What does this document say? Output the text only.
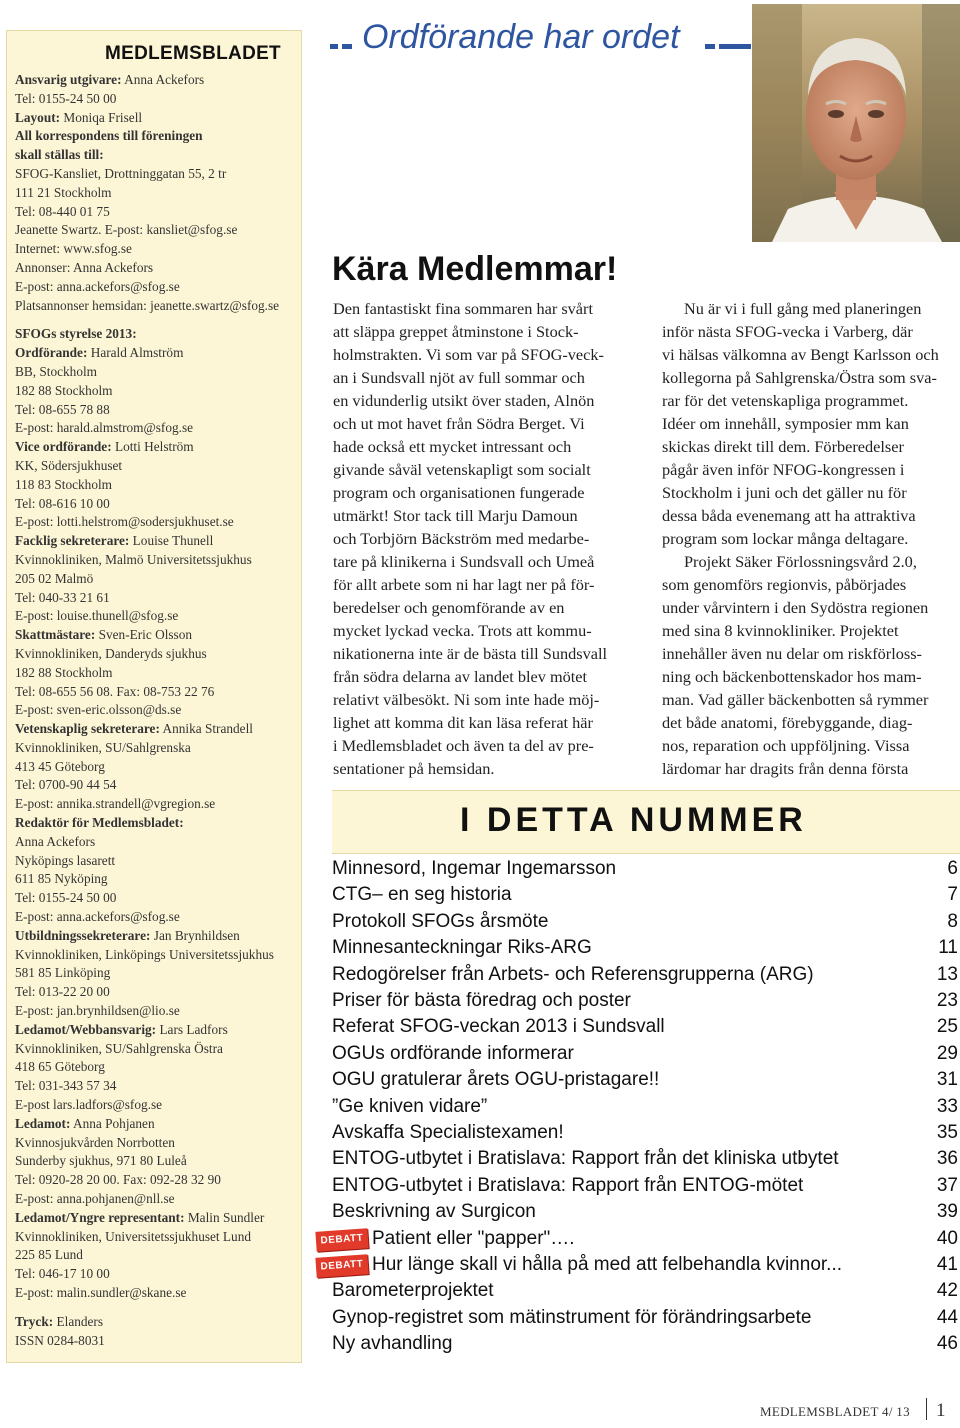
MEDLEMSBLADET
Ansvarig utgivare: Anna Ackefors
Tel: 0155-24 50 00
Layout: Moniqa Frisell
All korrespondens till föreningen
skall ställas till:
SFOG-Kansliet, Drottninggatan 55, 2 tr
111 21 Stockholm
Tel: 08-440 01 75
Jeanette Swartz. E-post: kansliet@sfog.se
Internet: www.sfog.se
Annonser: Anna Ackefors
E-post: anna.ackefors@sfog.se
Platsannonser hemsidan: jeanette.swartz@sfog.se
SFOGs styrelse 2013:
Ordförande: Harald Almström
BB, Stockholm
182 88 Stockholm
Tel: 08-655 78 88
E-post: harald.almstrom@sfog.se
Vice ordförande: Lotti Helström
KK, Södersjukhuset
118 83 Stockholm
Tel: 08-616 10 00
E-post: lotti.helstrom@sodersjukhuset.se
Facklig sekreterare: Louise Thunell
Kvinnokliniken, Malmö Universitetssjukhus
205 02 Malmö
Tel: 040-33 21 61
E-post: louise.thunell@sfog.se
Skattmästare: Sven-Eric Olsson
Kvinnokliniken, Danderyds sjukhus
182 88 Stockholm
Tel: 08-655 56 08. Fax: 08-753 22 76
E-post: sven-eric.olsson@ds.se
Vetenskaplig sekreterare: Annika Strandell
Kvinnokliniken, SU/Sahlgrenska
413 45 Göteborg
Tel: 0700-90 44 54
E-post: annika.strandell@vgregion.se
Redaktör för Medlemsbladet:
Anna Ackefors
Nyköpings lasarett
611 85 Nyköping
Tel: 0155-24 50 00
E-post: anna.ackefors@sfog.se
Utbildningssekreterare: Jan Brynhildsen
Kvinnokliniken, Linköpings Universitetssjukhus
581 85 Linköping
Tel: 013-22 20 00
E-post: jan.brynhildsen@lio.se
Ledamot/Webbansvarig: Lars Ladfors
Kvinnokliniken, SU/Sahlgrenska Östra
418 65 Göteborg
Tel: 031-343 57 34
E-post lars.ladfors@sfog.se
Ledamot: Anna Pohjanen
Kvinnosjukvården Norrbotten
Sunderby sjukhus, 971 80 Luleå
Tel: 0920-28 20 00. Fax: 092-28 32 90
E-post: anna.pohjanen@nll.se
Ledamot/Yngre representant: Malin Sundler
Kvinnokliniken, Universitetssjukhuset Lund
225 85 Lund
Tel: 046-17 10 00
E-post: malin.sundler@skane.se
Tryck: Elanders
ISSN 0284-8031
Ordförande har ordet
Kära Medlemmar!

Den fantastiskt fina sommaren har svårt

att släppa greppet åtminstone i Stock-

holmstrakten. Vi som var på SFOG-veck-

an i Sundsvall njöt av full sommar och

en vidunderlig utsikt över staden, Alnön

och ut mot havet från Södra Berget. Vi

hade också ett mycket intressant och

givande såväl vetenskapligt som socialt

program och organisationen fungerade

utmärkt! Stor tack till Marju Damoun

och Torbjörn Bäckström med medarbe-

tare på klinikerna i Sundsvall och Umeå

för allt arbete som ni har lagt ner på för-

beredelser och genomförande av en

mycket lyckad vecka. Trots att kommu-

nikationerna inte är de bästa till Sundsvall

från södra delarna av landet blev mötet

relativt välbesökt. Ni som inte hade möj-

lighet att komma dit kan läsa referat här

i Medlemsbladet och även ta del av pre-

sentationer på hemsidan.

Nu är vi i full gång med planeringen

inför nästa SFOG-vecka i Varberg, där

vi hälsas välkomna av Bengt Karlsson och

kollegorna på Sahlgrenska/Östra som sva-

rar för det vetenskapliga programmet.

Idéer om innehåll, symposier mm kan

skickas direkt till dem. Förberedelser

pågår även inför NFOG-kongressen i

Stockholm i juni och det gäller nu för

dessa båda evenemang att ha attraktiva

program som lockar många deltagare.

Projekt Säker Förlossningsvård 2.0,

som genomförs regionvis, påbörjades

under vårvintern i den Sydöstra regionen

med sina 8 kvinnokliniker. Projektet

innehåller även nu delar om riskförloss-

ning och bäckenbottenskador hos mam-

man. Vad gäller bäckenbotten så rymmer

det både anatomi, förebyggande, diag-

nos, reparation och uppföljning. Vissa

lärdomar har dragits från denna första

I DETTA NUMMER
Minnesord, Ingemar Ingemarsson	6
CTG– en seg historia	7
Protokoll SFOGs årsmöte	8
Minnesanteckningar Riks-ARG	11
Redogörelser från Arbets- och Referensgrupperna (ARG)	13
Priser för bästa föredrag och poster	23
Referat SFOG-veckan 2013 i Sundsvall	25
OGUs ordförande informerar	29
OGU gratulerar årets OGU-pristagare!!	31
”Ge kniven vidare”	33
Avskaffa Specialistexamen!	35
ENTOG-utbytet i Bratislava: Rapport från det kliniska utbytet	36
ENTOG-utbytet i Bratislava: Rapport från ENTOG-mötet	37
Beskrivning av Surgicon	39
DEBATT Patient eller "papper"….	40
DEBATT Hur länge skall vi hålla på med att felbehandla kvinnor...	41
Barometerprojektet	42
Gynop-registret som mätinstrument för förändringsarbete	44
Ny avhandling	46
MEDLEMSBLADET 4/ 13 1
